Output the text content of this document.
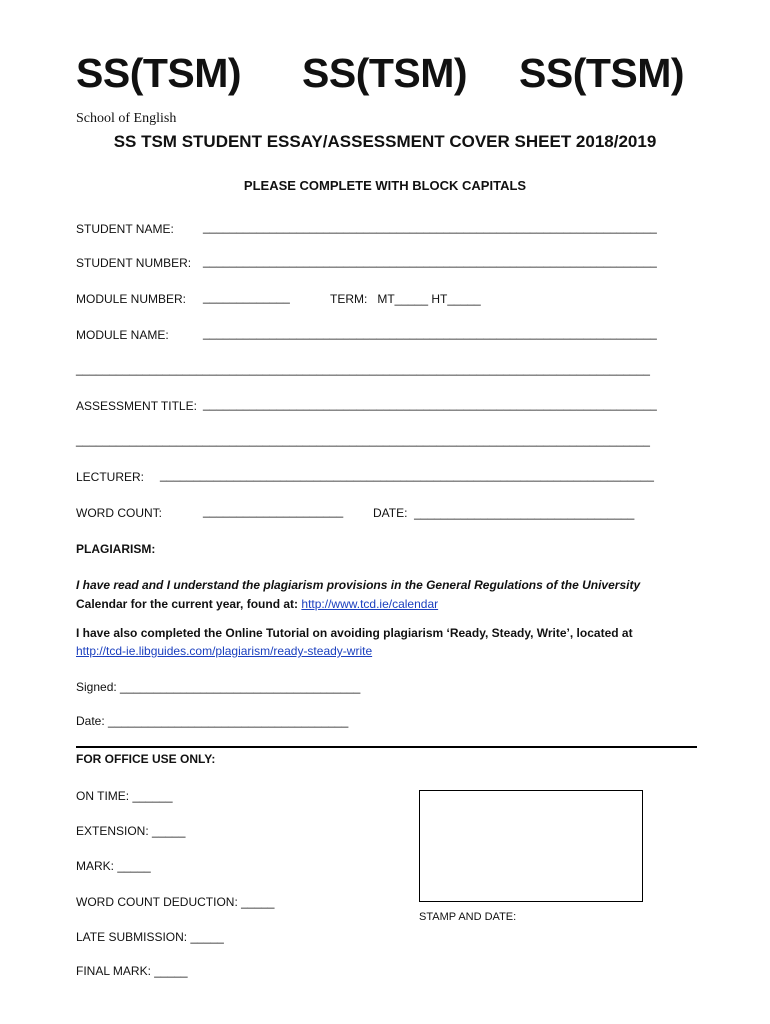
SS(TSM) SS(TSM) SS(TSM)
School of English
SS TSM STUDENT ESSAY/ASSESSMENT COVER SHEET 2018/2019
PLEASE COMPLETE WITH BLOCK CAPITALS
STUDENT NAME: ____________________________________________________________________
STUDENT NUMBER: ____________________________________________________________________
MODULE NUMBER: _____________	TERM:   MT_____ HT_____
MODULE NAME:	____________________________________________________________________
______________________________________________________________________________________
ASSESSMENT TITLE: ____________________________________________________________________
______________________________________________________________________________________
LECTURER: __________________________________________________________________________
WORD COUNT:	_____________________ DATE:  _________________________________
PLAGIARISM:
I have read and I understand the plagiarism provisions in the General Regulations of the University
Calendar for the current year, found at: http://www.tcd.ie/calendar
I have also completed the Online Tutorial on avoiding plagiarism ‘Ready, Steady, Write’, located at
http://tcd-ie.libguides.com/plagiarism/ready-steady-write
Signed: ____________________________________
Date: ____________________________________
FOR OFFICE USE ONLY:
ON TIME: ______
EXTENSION: _____
MARK: _____
WORD COUNT DEDUCTION: _____
LATE SUBMISSION: _____
FINAL MARK: _____
STAMP AND DATE:
